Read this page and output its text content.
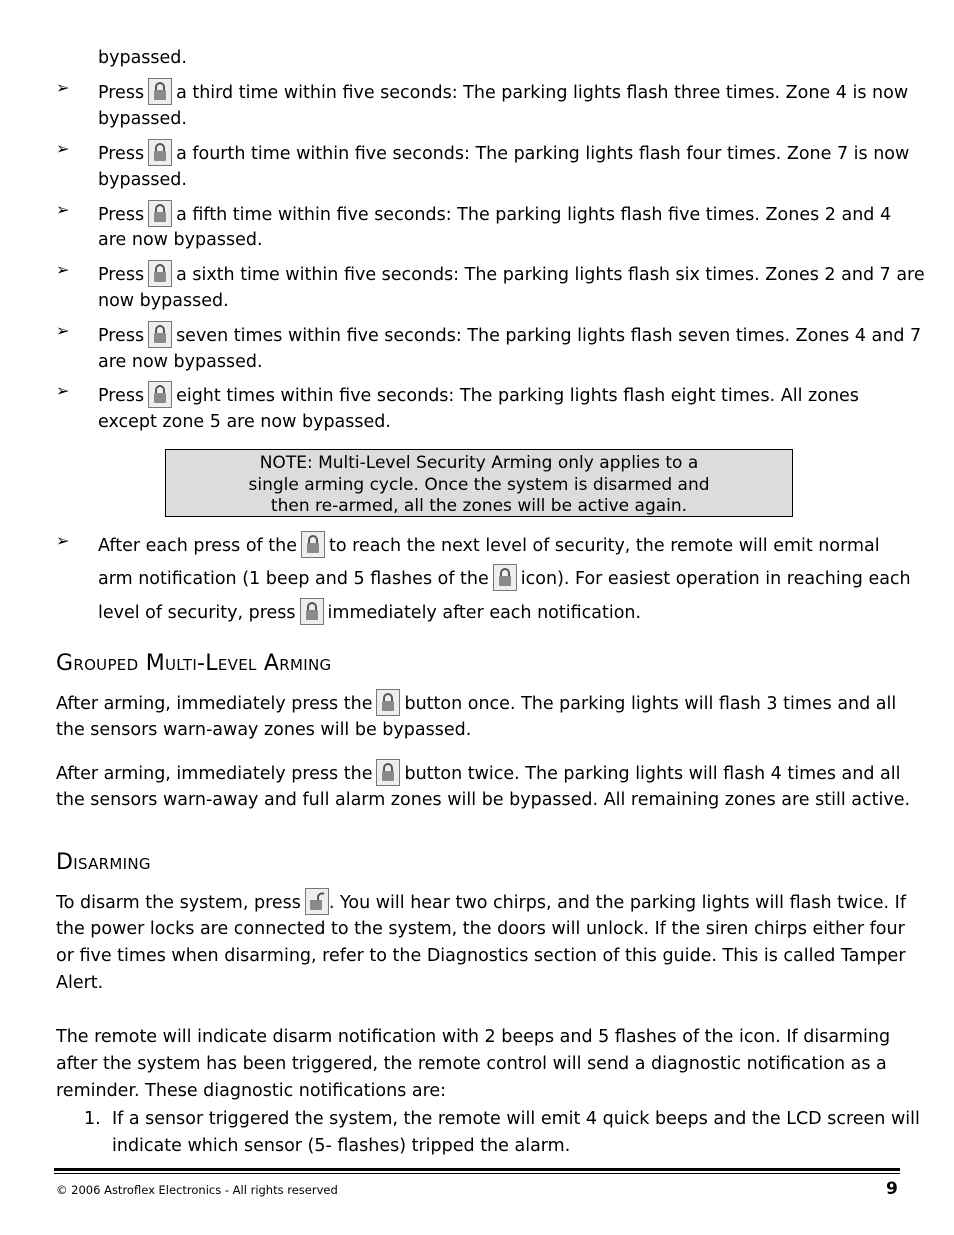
bypassed.
➢ Press a third time within five seconds: The parking lights flash three times. Zone 4 is now
bypassed.
➢ Press a fourth time within five seconds: The parking lights flash four times. Zone 7 is now
bypassed.
➢ Press a fifth time within five seconds: The parking lights flash five times. Zones 2 and 4
are now bypassed.
➢ Press a sixth time within five seconds: The parking lights flash six times. Zones 2 and 7 are
now bypassed.
➢ Press seven times within five seconds: The parking lights flash seven times. Zones 4 and 7
are now bypassed.
➢ Press eight times within five seconds: The parking lights flash eight times. All zones
except zone 5 are now bypassed.
NOTE: Multi-Level Security Arming only applies to a
single arming cycle. Once the system is disarmed and
then re-armed, all the zones will be active again.
➢ After each press of the to reach the next level of security, the remote will emit normal
arm notification (1 beep and 5 flashes of the icon). For easiest operation in reaching each
level of security, press immediately after each notification.
Grouped Multi-Level Arming
After arming, immediately press the button once. The parking lights will flash 3 times and all
the sensors warn-away zones will be bypassed.
After arming, immediately press the button twice. The parking lights will flash 4 times and all
the sensors warn-away and full alarm zones will be bypassed. All remaining zones are still active.
Disarming
To disarm the system, press . You will hear two chirps, and the parking lights will flash twice. If
the power locks are connected to the system, the doors will unlock. If the siren chirps either four
or five times when disarming, refer to the Diagnostics section of this guide. This is called Tamper
Alert.
The remote will indicate disarm notification with 2 beeps and 5 flashes of the icon. If disarming
after the system has been triggered, the remote control will send a diagnostic notification as a
reminder. These diagnostic notifications are:
1. If a sensor triggered the system, the remote will emit 4 quick beeps and the LCD screen will
indicate which sensor (5- flashes) tripped the alarm.
© 2006 Astroflex Electronics - All rights reserved	9
